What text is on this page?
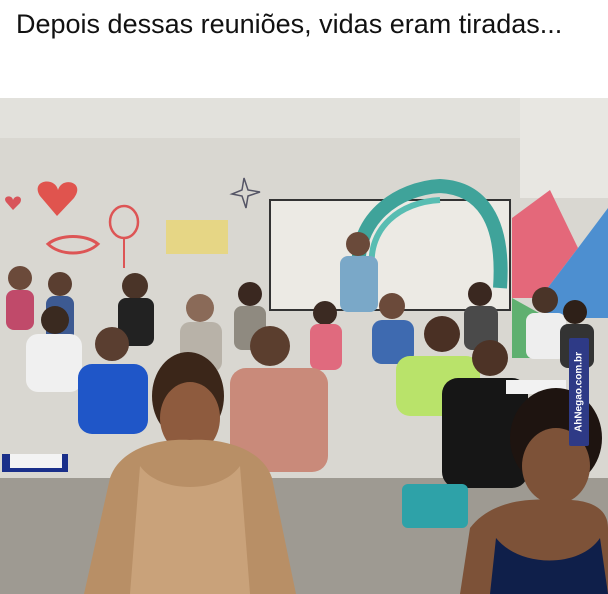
Depois dessas reuniões, vidas eram tiradas...

AhNegao.com.br
